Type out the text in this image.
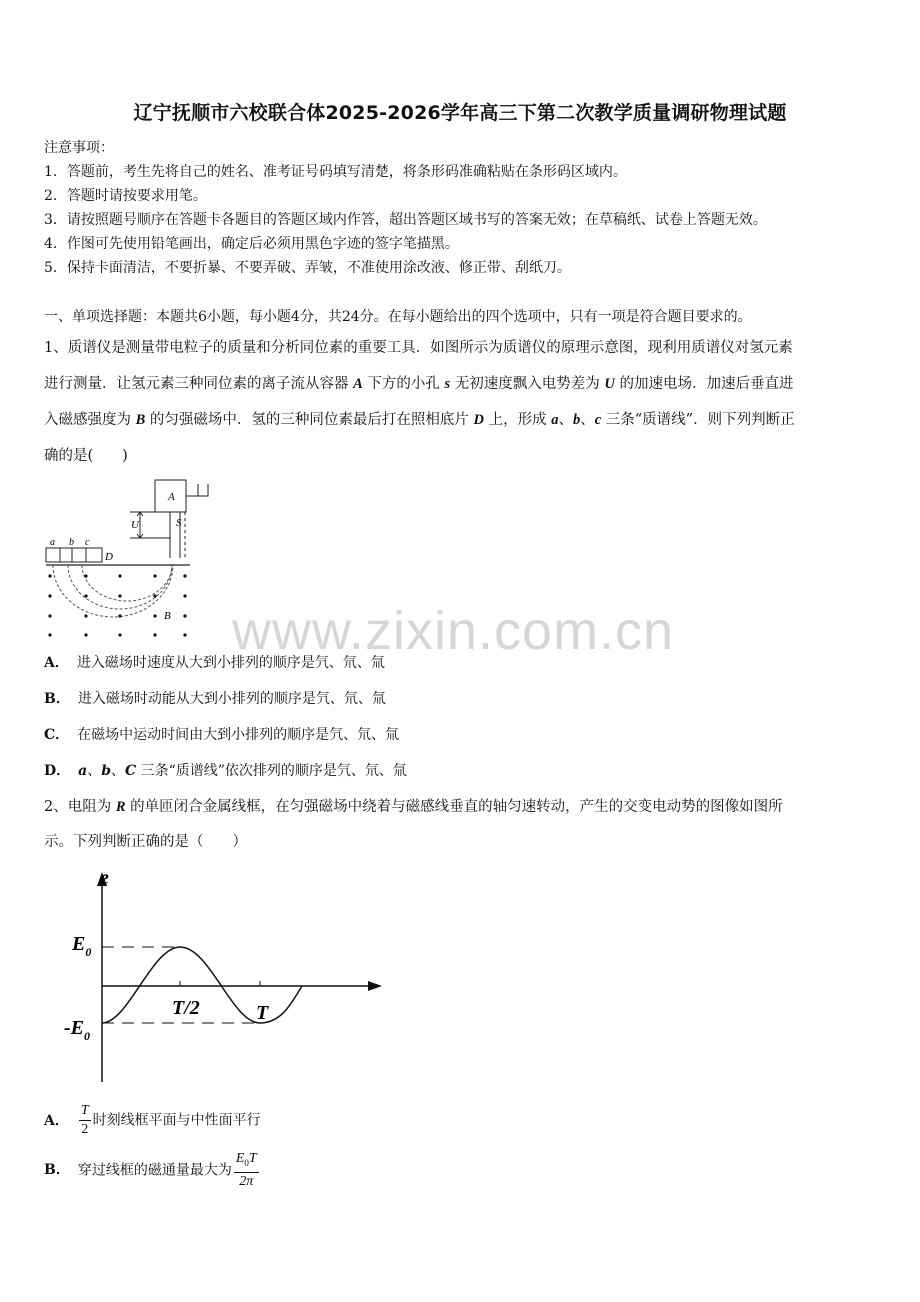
辽宁抚顺市六校联合体2025-2026学年高三下第二次教学质量调研物理试题
注意事项：
1．答题前，考生先将自己的姓名、准考证号码填写清楚，将条形码准确粘贴在条形码区域内。
2．答题时请按要求用笔。
3．请按照题号顺序在答题卡各题目的答题区域内作答，超出答题区域书写的答案无效；在草稿纸、试卷上答题无效。
4．作图可先使用铅笔画出，确定后必须用黑色字迹的签字笔描黑。
5．保持卡面清洁，不要折暴、不要弄破、弄皱，不准使用涂改液、修正带、刮纸刀。
一、单项选择题：本题共6小题，每小题4分，共24分。在每小题给出的四个选项中，只有一项是符合题目要求的。
1、质谱仪是测量带电粒子的质量和分析同位素的重要工具．如图所示为质谱仪的原理示意图，现利用质谱仪对氢元素
进行测量．让氢元素三种同位素的离子流从容器 A 下方的小孔 s 无初速度飘入电势差为 U 的加速电场．加速后垂直进
入磁感强度为 B 的匀强磁场中．氢的三种同位素最后打在照相底片 D 上，形成 a、b、c 三条“质谱线”．则下列判断正
确的是(　　)
A
U	S
a b c
D
B
A． 进入磁场时速度从大到小排列的顺序是氕、氘、氚
B． 进入磁场时动能从大到小排列的顺序是氕、氘、氚
C． 在磁场中运动时间由大到小排列的顺序是氕、氘、氚
D． a、b、C 三条“质谱线”依次排列的顺序是氕、氘、氚
www.zixin.com.cn
2、电阻为 R 的单匝闭合金属线框，在匀强磁场中绕着与磁感线垂直的轴匀速转动，产生的交变电动势的图像如图所
示。下列判断正确的是（　　）
e
$E_0$
$-E_0$
T/2	T
A． $\frac{T}{2}$ 时刻线框平面与中性面平行
B． 穿过线框的磁通量最大为 $\frac{E_0T}{2\pi}$
